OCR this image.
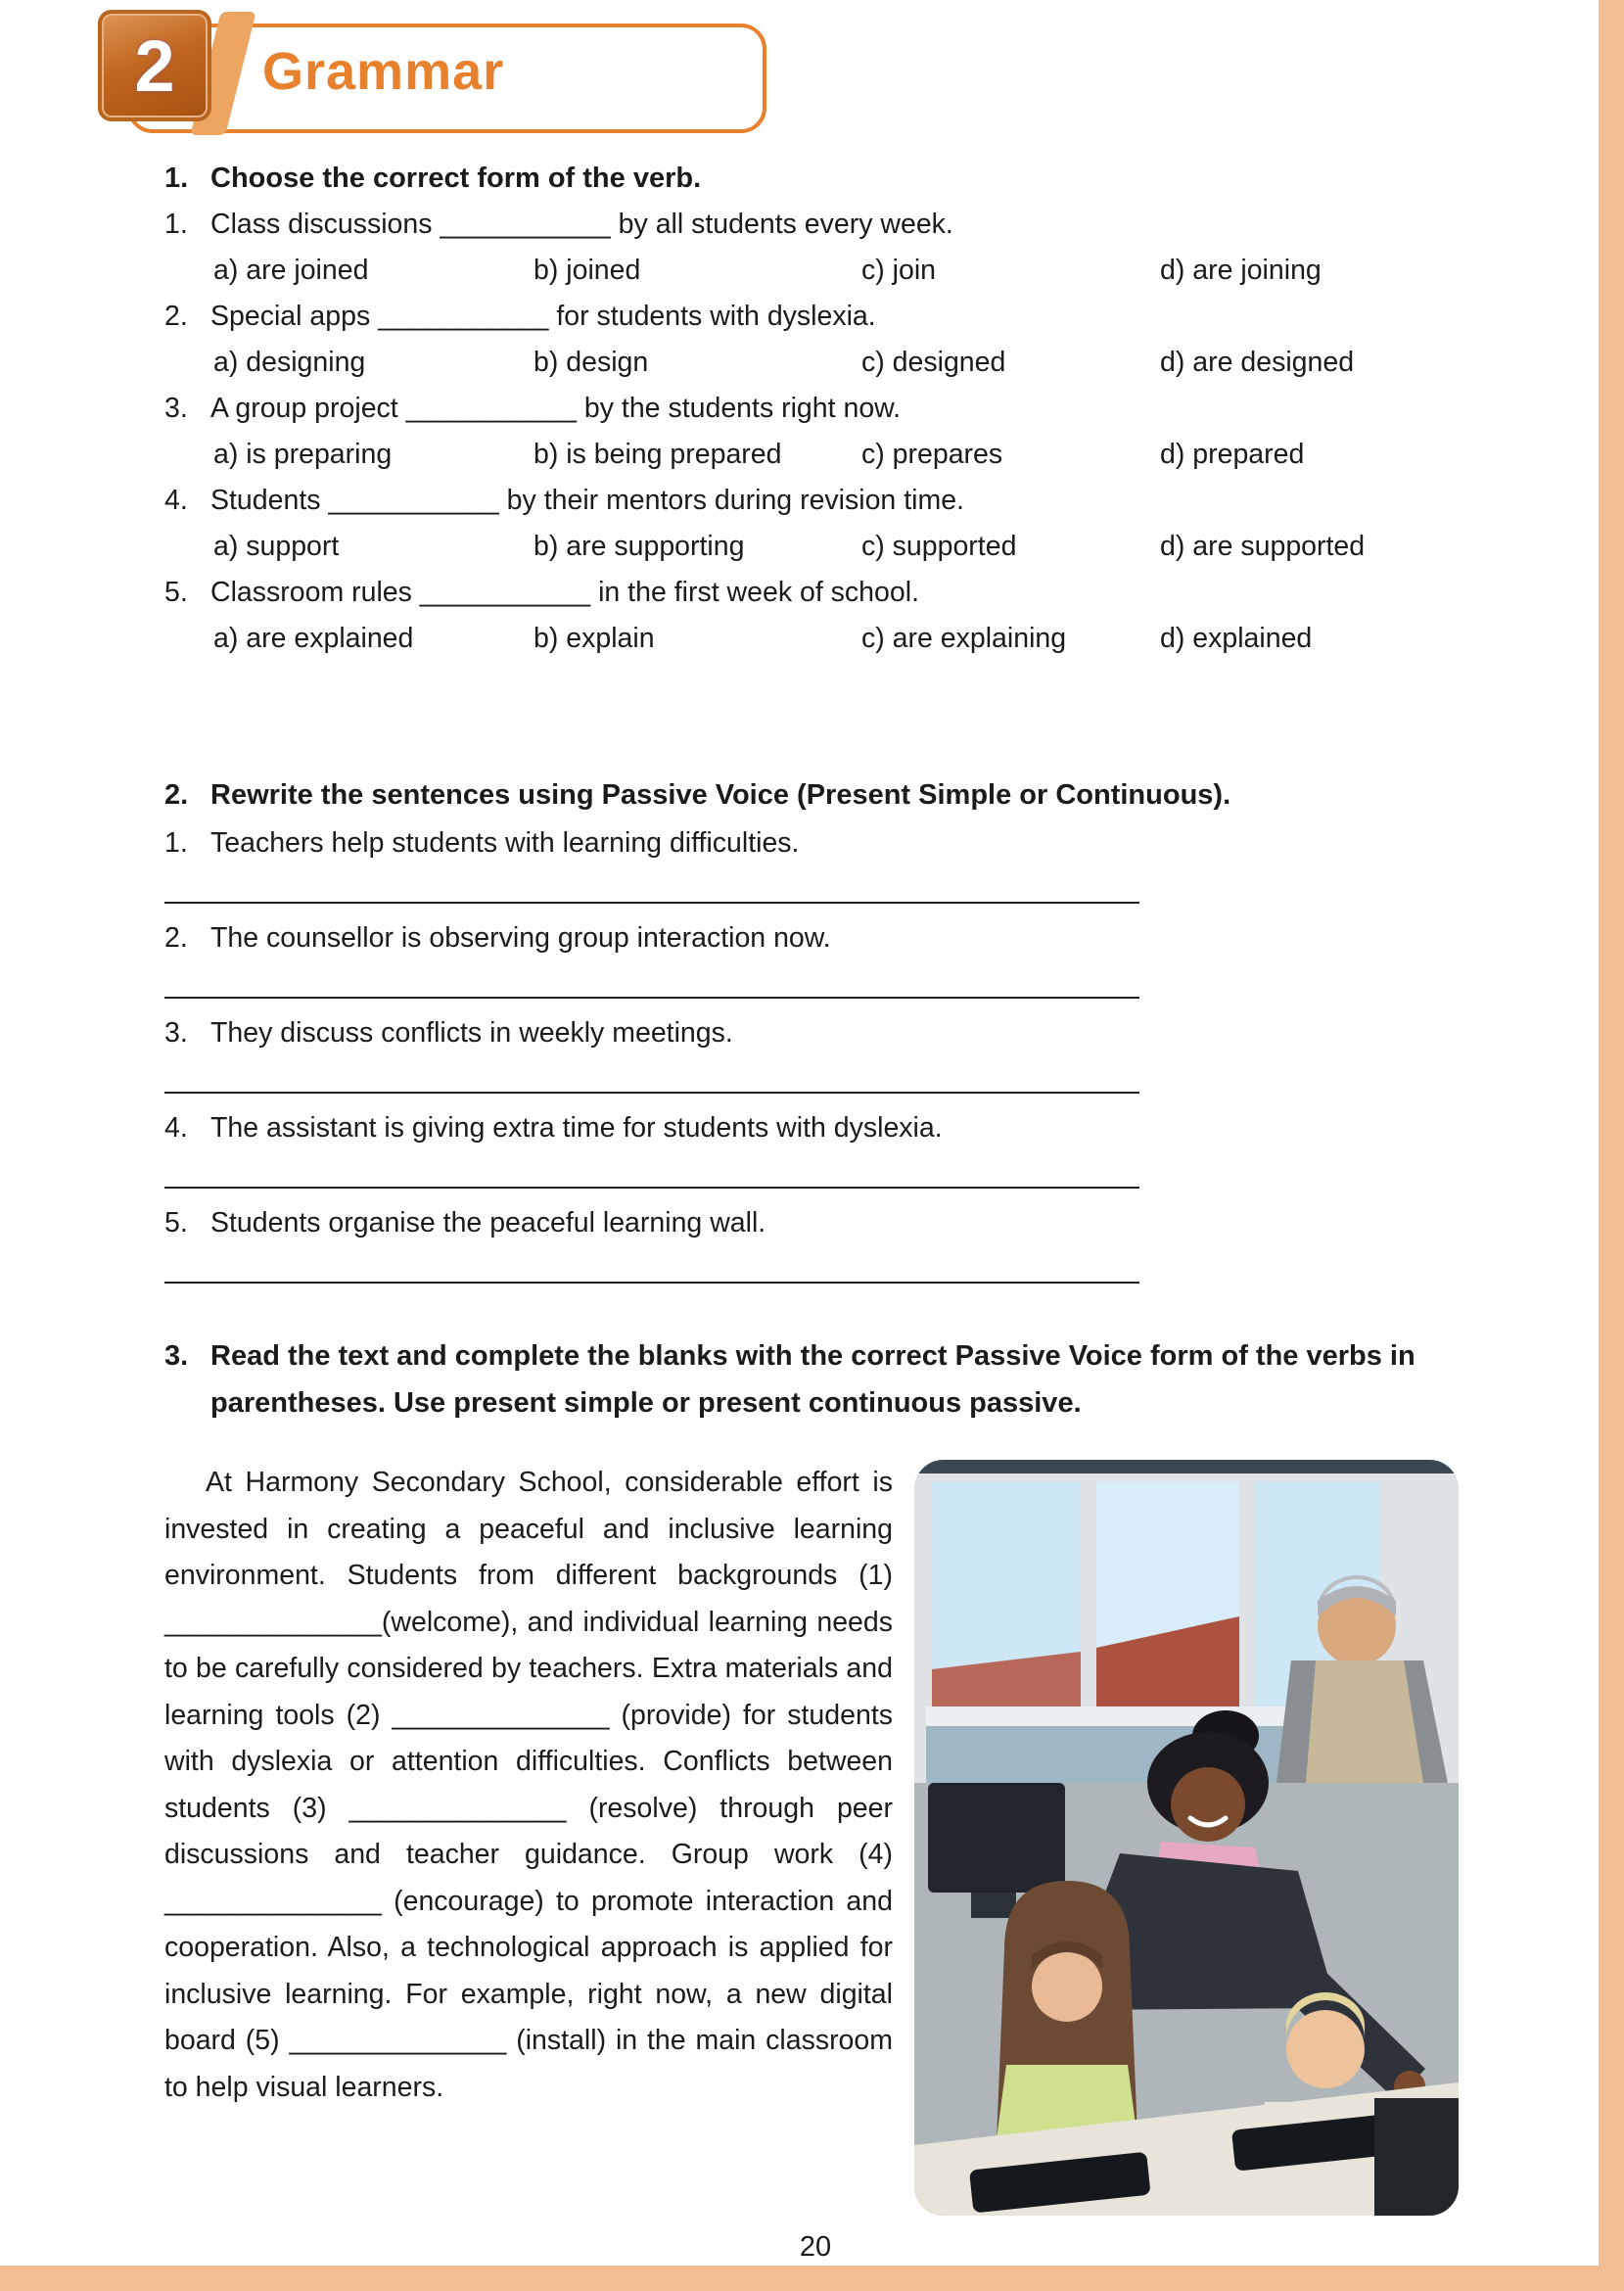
2 Grammar
1. Choose the correct form of the verb.
1. Class discussions ___________ by all students every week.
a) are joined	b) joined	c) join	d) are joining
2. Special apps ___________ for students with dyslexia.
a) designing	b) design	c) designed	d) are designed
3. A group project ___________ by the students right now.
a) is preparing	b) is being prepared	c) prepares	d) prepared
4. Students ___________ by their mentors during revision time.
a) support	b) are supporting	c) supported	d) are supported
5. Classroom rules ___________ in the first week of school.
a) are explained	b) explain	c) are explaining	d) explained
2. Rewrite the sentences using Passive Voice (Present Simple or Continuous).
1. Teachers help students with learning difficulties.
2. The counsellor is observing group interaction now.
3. They discuss conflicts in weekly meetings.
4. The assistant is giving extra time for students with dyslexia.
5. Students organise the peaceful learning wall.
3. Read the text and complete the blanks with the correct Passive Voice form of the verbs in parentheses. Use present simple or present continuous passive.

At Harmony Secondary School, considerable effort is invested in creating a peaceful and inclusive learning environment. Students from different backgrounds (1) ______________(welcome), and individual learning needs to be carefully considered by teachers. Extra materials and learning tools (2) ______________ (provide) for students with dyslexia or attention difficulties. Conflicts between students (3) ______________ (resolve) through peer discussions and teacher guidance. Group work (4) ______________ (encourage) to promote interaction and cooperation. Also, a technological approach is applied for inclusive learning. For example, right now, a new digital board (5) ______________ (install) in the main classroom to help visual learners.

20
